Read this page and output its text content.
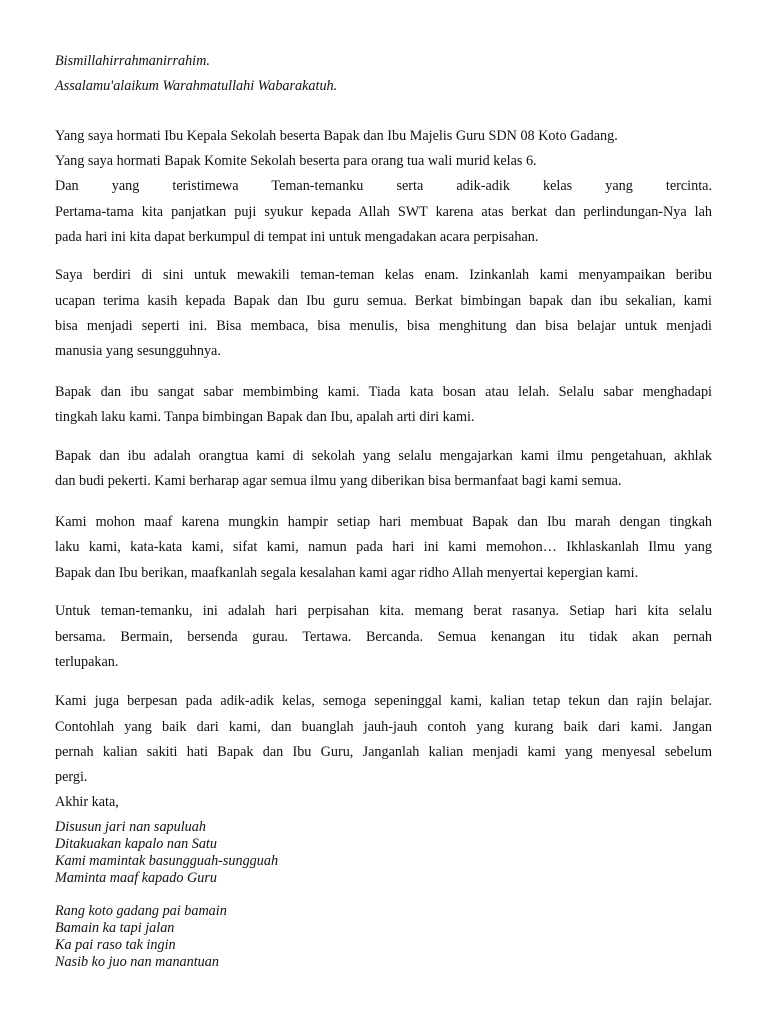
Bismillahirrahmanirrahim.
Assalamu'alaikum Warahmatullahi Wabarakatuh.
Yang saya hormati Ibu Kepala Sekolah beserta Bapak dan Ibu Majelis Guru SDN 08 Koto Gadang.
Yang saya hormati Bapak Komite Sekolah beserta para orang tua wali murid kelas 6.
Dan yang teristimewa Teman-temanku serta adik-adik kelas yang tercinta.
Pertama-tama kita panjatkan puji syukur kepada Allah SWT karena atas berkat dan perlindungan-Nya lah
pada hari ini kita dapat berkumpul di tempat ini untuk mengadakan acara perpisahan.
Saya berdiri di sini untuk mewakili teman-teman kelas enam. Izinkanlah kami menyampaikan beribu
ucapan terima kasih kepada Bapak dan Ibu guru semua. Berkat bimbingan bapak dan ibu sekalian, kami
bisa menjadi seperti ini. Bisa membaca, bisa menulis, bisa menghitung dan bisa belajar untuk menjadi
manusia yang sesungguhnya.
Bapak dan ibu sangat sabar membimbing kami. Tiada kata bosan atau lelah. Selalu sabar menghadapi
tingkah laku kami. Tanpa bimbingan Bapak dan Ibu, apalah arti diri kami.
Bapak dan ibu adalah orangtua kami di sekolah yang selalu mengajarkan kami ilmu pengetahuan, akhlak
dan budi pekerti. Kami berharap agar semua ilmu yang diberikan bisa bermanfaat bagi kami semua.
Kami mohon maaf karena mungkin hampir setiap hari membuat Bapak dan Ibu marah dengan tingkah
laku kami, kata-kata kami, sifat kami, namun pada hari ini kami memohon… Ikhlaskanlah Ilmu yang
Bapak dan Ibu berikan, maafkanlah segala kesalahan kami agar ridho Allah menyertai kepergian kami.
Untuk teman-temanku, ini adalah hari perpisahan kita. memang berat rasanya. Setiap hari kita selalu
bersama. Bermain, bersenda gurau. Tertawa. Bercanda. Semua kenangan itu tidak akan pernah
terlupakan.
Kami juga berpesan pada adik-adik kelas, semoga sepeninggal kami, kalian tetap tekun dan rajin belajar.
Contohlah yang baik dari kami, dan buanglah jauh-jauh contoh yang kurang baik dari kami. Jangan
pernah kalian sakiti hati Bapak dan Ibu Guru, Janganlah kalian menjadi kami yang menyesal sebelum
pergi.
Akhir kata,
Disusun jari nan sapuluah
Ditakuakan kapalo nan Satu
Kami mamintak basungguah-sungguah
Maminta maaf kapado Guru
Rang koto gadang pai bamain
Bamain ka tapi jalan
Ka pai raso tak ingin
Nasib ko juo nan manantuan
